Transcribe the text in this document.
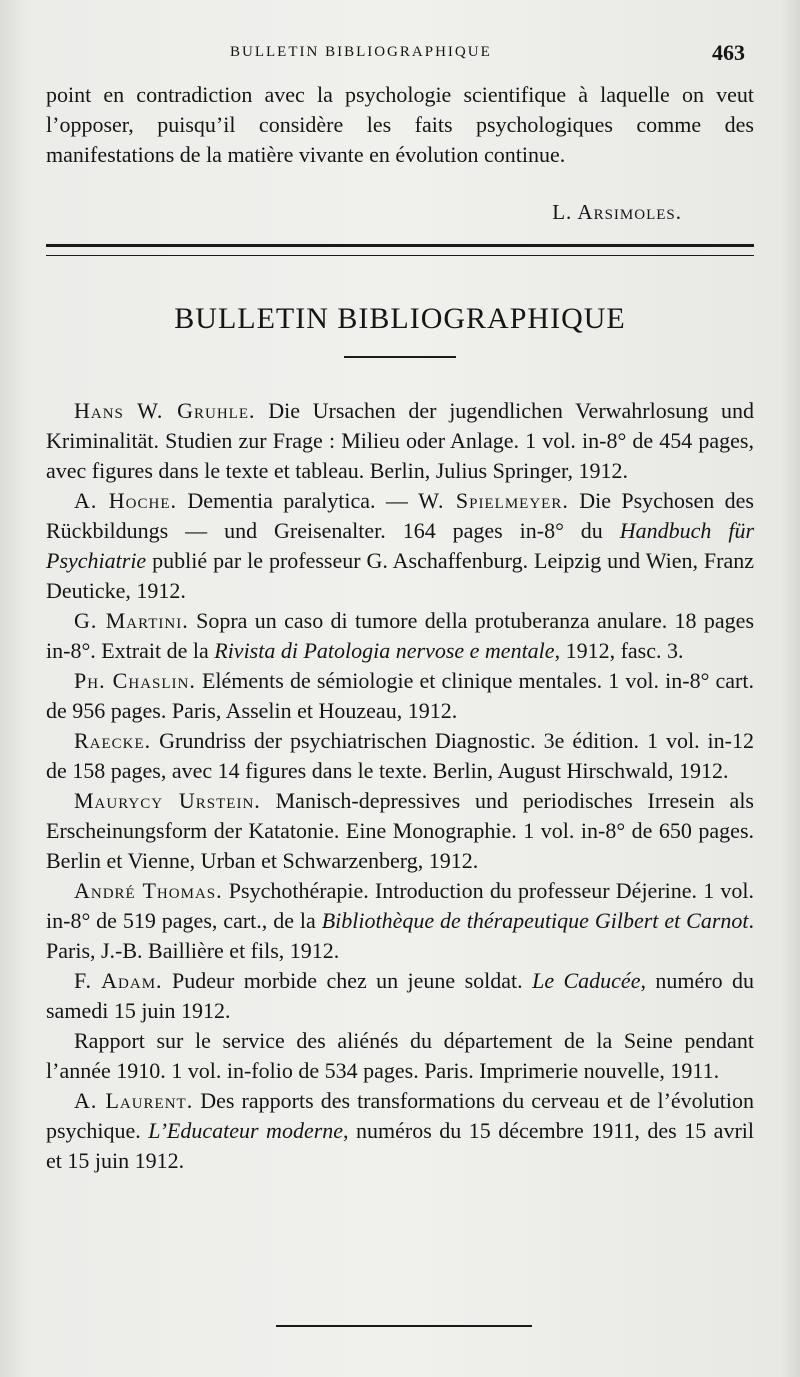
BULLETIN BIBLIOGRAPHIQUE	463

point en contradiction avec la psychologie scientifique à laquelle on veut l’opposer, puisqu’il considère les faits psychologiques comme des manifestations de la matière vivante en évolution continue.

L. Arsimoles.
BULLETIN BIBLIOGRAPHIQUE

Hans W. Gruhle. Die Ursachen der jugendlichen Verwahrlosung und Kriminalität. Studien zur Frage : Milieu oder Anlage. 1 vol. in-8° de 454 pages, avec figures dans le texte et tableau. Berlin, Julius Springer, 1912.

A. Hoche. Dementia paralytica. — W. Spielmeyer. Die Psychosen des Rückbildungs — und Greisenalter. 164 pages in-8° du Handbuch für Psychiatrie publié par le professeur G. Aschaffenburg. Leipzig und Wien, Franz Deuticke, 1912.

G. Martini. Sopra un caso di tumore della protuberanza anulare. 18 pages in-8°. Extrait de la Rivista di Patologia nervose e mentale, 1912, fasc. 3.

Ph. Chaslin. Eléments de sémiologie et clinique mentales. 1 vol. in-8° cart. de 956 pages. Paris, Asselin et Houzeau, 1912.

Raecke. Grundriss der psychiatrischen Diagnostic. 3e édition. 1 vol. in-12 de 158 pages, avec 14 figures dans le texte. Berlin, August Hirschwald, 1912.

Maurycy Urstein. Manisch-depressives und periodisches Irresein als Erscheinungsform der Katatonie. Eine Monographie. 1 vol. in-8° de 650 pages. Berlin et Vienne, Urban et Schwarzenberg, 1912.

André Thomas. Psychothérapie. Introduction du professeur Déjerine. 1 vol. in-8° de 519 pages, cart., de la Bibliothèque de thérapeutique Gilbert et Carnot. Paris, J.-B. Baillière et fils, 1912.

F. Adam. Pudeur morbide chez un jeune soldat. Le Caducée, numéro du samedi 15 juin 1912.

Rapport sur le service des aliénés du département de la Seine pendant l’année 1910. 1 vol. in-folio de 534 pages. Paris. Imprimerie nouvelle, 1911.

A. Laurent. Des rapports des transformations du cerveau et de l’évolution psychique. L’Educateur moderne, numéros du 15 décembre 1911, des 15 avril et 15 juin 1912.
